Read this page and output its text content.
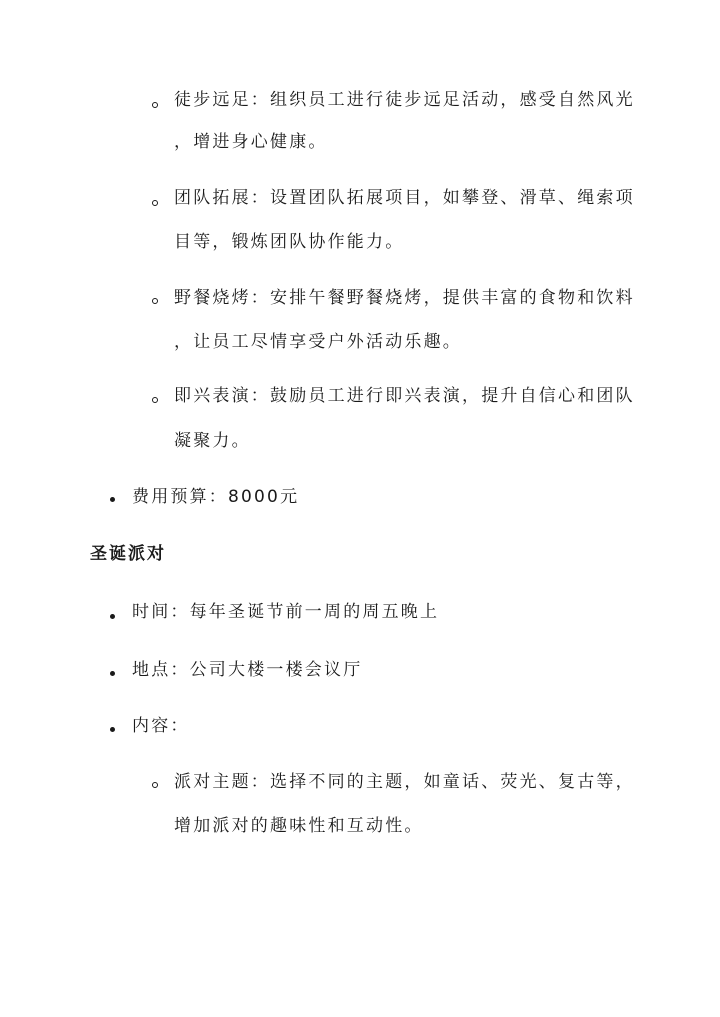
徒步远足：组织员工进行徒步远足活动，感受自然风光
，增进身心健康。
团队拓展：设置团队拓展项目，如攀登、滑草、绳索项
目等，锻炼团队协作能力。
野餐烧烤：安排午餐野餐烧烤，提供丰富的食物和饮料
，让员工尽情享受户外活动乐趣。
即兴表演：鼓励员工进行即兴表演，提升自信心和团队
凝聚力。
费用预算：8000元
圣诞派对
时间：每年圣诞节前一周的周五晚上
地点：公司大楼一楼会议厅
内容：
派对主题：选择不同的主题，如童话、荧光、复古等，
增加派对的趣味性和互动性。
